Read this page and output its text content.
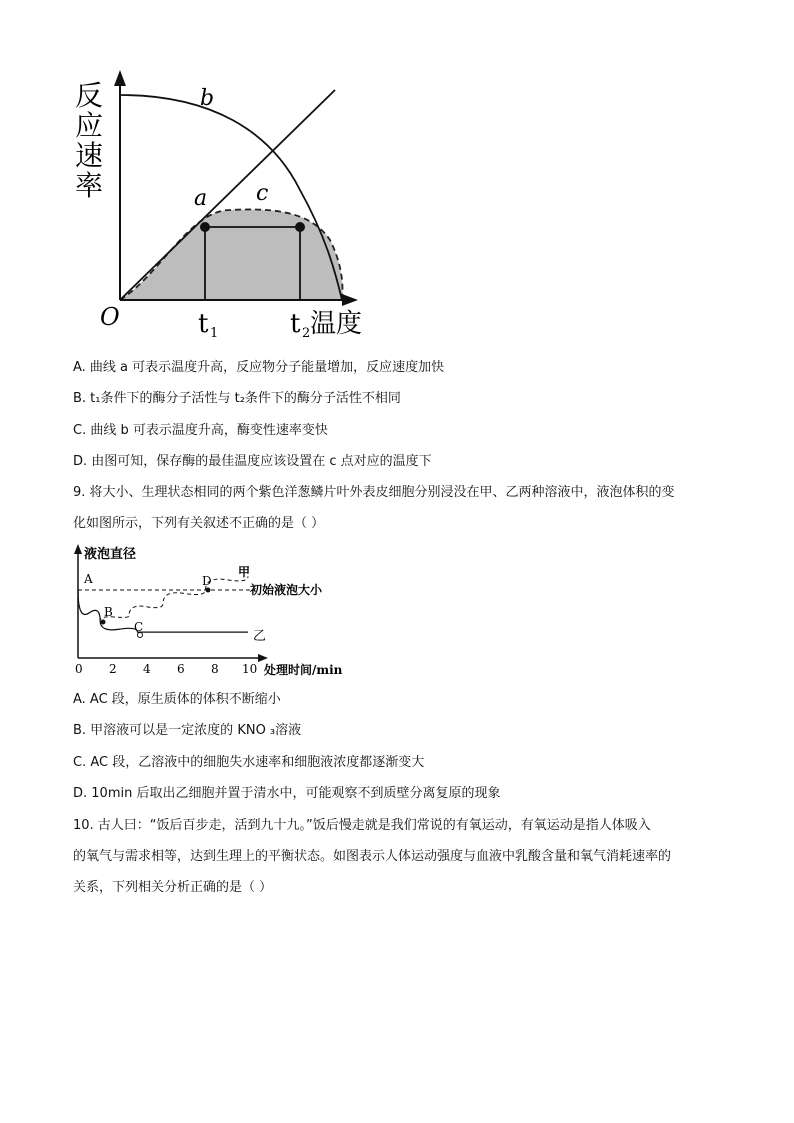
反
应
速
率
b
a c
O	t 1	t 2 温度
A. 曲线 a 可表示温度升高，反应物分子能量增加，反应速度加快
B. t₁条件下的酶分子活性与 t₂条件下的酶分子活性不相同
C. 曲线 b 可表示温度升高，酶变性速率变快
D. 由图可知，保存酶的最佳温度应该设置在 c 点对应的温度下
9. 将大小、生理状态相同的两个紫色洋葱鳞片叶外表皮细胞分别浸没在甲、乙两种溶液中，液泡体积的变
化如图所示，下列有关叙述不正确的是（ ）
液泡直径
处理时间/min
初始液泡大小
甲
乙
A
B
C
D
0 2 4 6 8 10
A. AC 段，原生质体的体积不断缩小
B. 甲溶液可以是一定浓度的 KNO ₃溶液
C. AC 段，乙溶液中的细胞失水速率和细胞液浓度都逐渐变大
D. 10min 后取出乙细胞并置于清水中，可能观察不到质壁分离复原的现象
10. 古人曰：“饭后百步走，活到九十九。”饭后慢走就是我们常说的有氧运动，有氧运动是指人体吸入
的氧气与需求相等，达到生理上的平衡状态。如图表示人体运动强度与血液中乳酸含量和氧气消耗速率的
关系，下列相关分析正确的是（ ）
